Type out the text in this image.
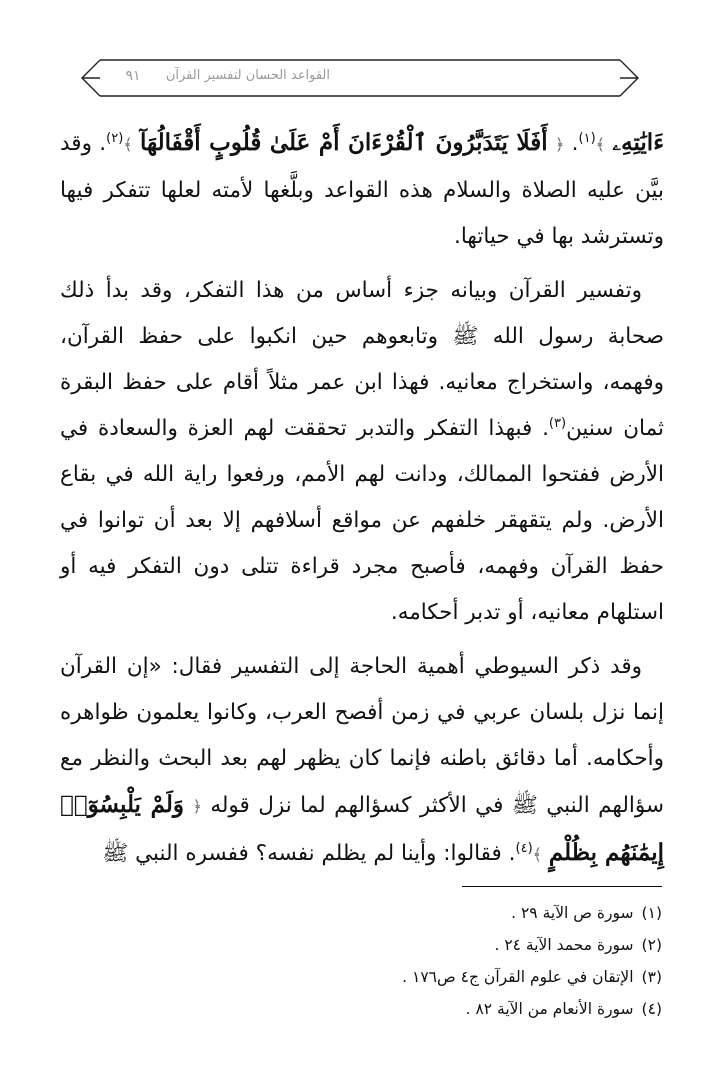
٩١	القواعد الحسان لتفسير القرآن

ءَايَٰتِهِۦ ﴾$^{(١)}$. ﴿ أَفَلَا يَتَدَبَّرُونَ ٱلْقُرْءَانَ أَمْ عَلَىٰ قُلُوبٍ أَقْفَالُهَآ ﴾$^{(٢)}$. وقد بيَّن عليه الصلاة والسلام هذه القواعد وبلَّغها لأمته لعلها تتفكر فيها وتسترشد بها في حياتها.

وتفسير القرآن وبيانه جزء أساس من هذا التفكر، وقد بدأ ذلك صحابة رسول الله ﷺ وتابعوهم حين انكبوا على حفظ القرآن، وفهمه، واستخراج معانيه. فهذا ابن عمر مثلاً أقام على حفظ البقرة ثمان سنين$^{(٣)}$. فبهذا التفكر والتدبر تحققت لهم العزة والسعادة في الأرض ففتحوا الممالك، ودانت لهم الأمم، ورفعوا راية الله في بقاع الأرض. ولم يتقهقر خلفهم عن مواقع أسلافهم إلا بعد أن توانوا في حفظ القرآن وفهمه، فأصبح مجرد قراءة تتلى دون التفكر فيه أو استلهام معانيه، أو تدبر أحكامه.

وقد ذكر السيوطي أهمية الحاجة إلى التفسير فقال: «إن القرآن إنما نزل بلسان عربي في زمن أفصح العرب، وكانوا يعلمون ظواهره وأحكامه. أما دقائق باطنه فإنما كان يظهر لهم بعد البحث والنظر مع سؤالهم النبي ﷺ في الأكثر كسؤالهم لما نزل قوله ﴿ وَلَمْ يَلْبِسُوٓا۟ إِيمَٰنَهُم بِظُلْمٍ ﴾$^{(٤)}$. فقالوا: وأينا لم يظلم نفسه؟ ففسره النبي ﷺ

(١)سورة ص الآية ٢٩ .
(٢)سورة محمد الآية ٢٤ .
(٣)الإتقان في علوم القرآن ج٤ ص١٧٦ .
(٤)سورة الأنعام من الآية ٨٢ .
